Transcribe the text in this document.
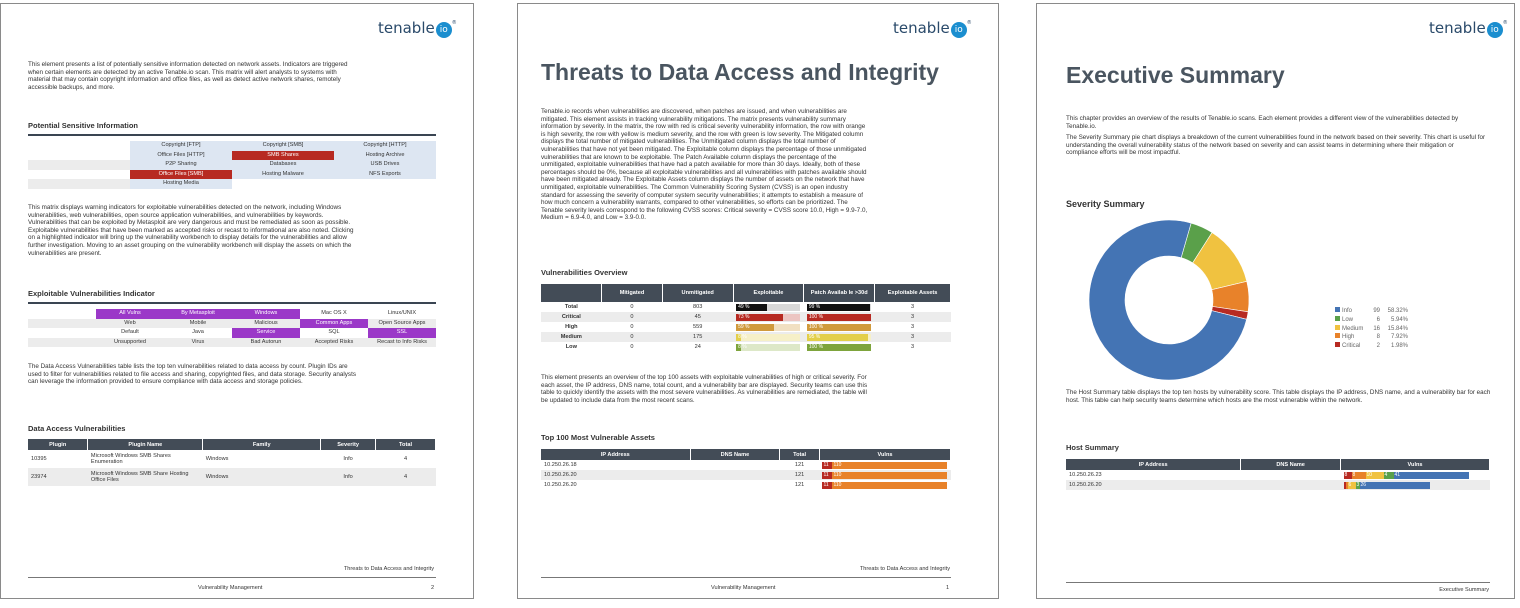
tenable io®
This element presents a list of potentially sensitive information detected on network assets. Indicators are triggered when certain elements are detected by an active Tenable.io scan. This matrix will alert analysts to systems with material that may contain copyright information and office files, as well as detect active network shares, remotely accessible backups, and more.
Potential Sensitive Information
Copyright [FTP]	Copyright [SMB]	Copyright [HTTP]
Office Files [HTTP]	SMB Shares	Hosting Archive
P2P Sharing	Databases	USB Drives
Office Files [SMB]	Hosting Malware	NFS Exports
Hosting Media
This matrix displays warning indicators for exploitable vulnerabilities detected on the network, including Windows vulnerabilities, web vulnerabilities, open source application vulnerabilities, and vulnerabilities by keywords. Vulnerabilities that can be exploited by Metasploit are very dangerous and must be remediated as soon as possible. Exploitable vulnerabilities that have been marked as accepted risks or recast to informational are also noted. Clicking on a highlighted indicator will bring up the vulnerability workbench to display details for the vulnerabilities and allow further investigation. Moving to an asset grouping on the vulnerability workbench will display the assets on which the vulnerabilities are present.
Exploitable Vulnerabilities Indicator
All Vulns	By Metasploit	Windows	Mac OS X	Linux/UNIX
Web	Mobile	Malicious	Common Apps	Open Source Apps
Default	Java	Service	SQL	SSL
Unsupported	Virus	Bad Autorun	Accepted Risks	Recast to Info Risks
The Data Access Vulnerabilities table lists the top ten vulnerabilities related to data access by count. Plugin IDs are used to filter for vulnerabilities related to file access and sharing, copyrighted files, and data storage. Security analysts can leverage the information provided to ensure compliance with data access and storage policies.
Data Access Vulnerabilities
Plugin	Plugin Name	Family	Severity	Total
10395	Microsoft Windows SMB Shares Enumeration	Windows	Info	4
23974	Microsoft Windows SMB Share Hosting Office Files	Windows	Info	4
Threats to Data Access and Integrity
Vulnerability Management	2
tenable io®
Threats to Data Access and Integrity
Tenable.io records when vulnerabilities are discovered, when patches are issued, and when vulnerabilities are mitigated. This element assists in tracking vulnerability mitigations. The matrix presents vulnerability summary information by severity. In the matrix, the row with red is critical severity vulnerability information, the row with orange is high severity, the row with yellow is medium severity, and the row with green is low severity. The Mitigated column displays the total number of mitigated vulnerabilities. The Unmitigated column displays the total number of vulnerabilities that have not yet been mitigated. The Exploitable column displays the percentage of those unmitigated vulnerabilities that are known to be exploitable. The Patch Available column displays the percentage of the unmitigated, exploitable vulnerabilities that have had a patch available for more than 30 days. Ideally, both of these percentages should be 0%, because all exploitable vulnerabilities and all vulnerabilities with patches available should have been mitigated already. The Exploitable Assets column displays the number of assets on the network that have unmitigated, exploitable vulnerabilities. The Common Vulnerability Scoring System (CVSS) is an open industry standard for assessing the severity of computer system security vulnerabilities; it attempts to establish a measure of how much concern a vulnerability warrants, compared to other vulnerabilities, so efforts can be prioritized. The Tenable severity levels correspond to the following CVSS scores: Critical severity = CVSS score 10.0, High = 9.9-7.0, Medium = 6.9-4.0, and Low = 3.9-0.0.
Vulnerabilities Overview
	Mitigated	Unmitigated	Exploitable	Patch Availab le >30d	Exploitable Assets
Total	0	803	49 %	99 %	3
Critical	0	45	73 %	100 %	3
High	0	559	59 %	100 %	3
Medium	0	175	8 %	95 %	3
Low	0	24	8 %	100 %	3
This element presents an overview of the top 100 assets with exploitable vulnerabilities of high or critical severity. For each asset, the IP address, DNS name, total count, and a vulnerability bar are displayed. Security teams can use this table to quickly identify the assets with the most severe vulnerabilities. As vulnerabilities are remediated, the table will be updated to include data from the most recent scans.
Top 100 Most Vulnerable Assets
IP Address	DNS Name	Total	Vulns
10.250.26.18		121	11 110

10.250.26.20		121	11 110

10.250.26.20		121	11 110
Threats to Data Access and Integrity
Vulnerability Management	1
tenable io®
Executive Summary
This chapter provides an overview of the results of Tenable.io scans. Each element provides a different view of the vulnerabilities detected by Tenable.io.
The Severity Summary pie chart displays a breakdown of the current vulnerabilities found in the network based on their severity. This chart is useful for understanding the overall vulnerability status of the network based on severity and can assist teams in determining where their mitigation or compliance efforts will be most impactful.
Severity Summary
Info	99 58.32%
Low	6 5.94%
Medium 16 15.84%
High	8 7.92%
Critical	2 1.98%
The Host Summary table displays the top ten hosts by vulnerability score. This table displays the IP address, DNS name, and a vulnerability bar for each host. This table can help security teams determine which hosts are the most vulnerable within the network.
Host Summary
IP Address	DNS Name	Vulns
10.250.26.23		8 8 10 4 41

10.250.26.20		6 3 26
Executive Summary
